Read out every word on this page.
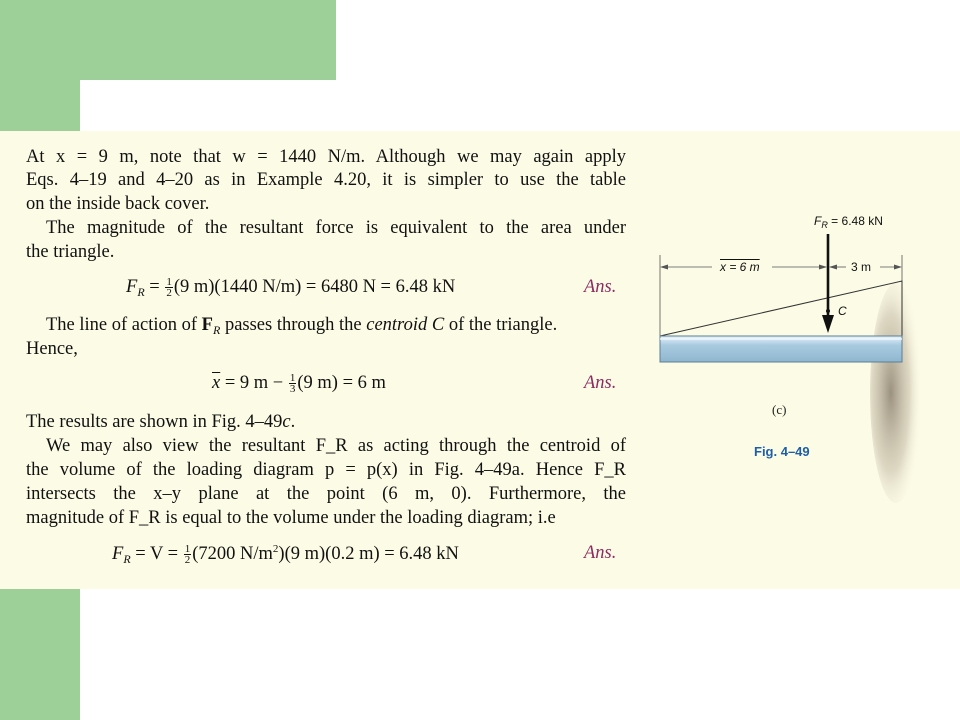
At x = 9 m, note that w = 1440 N/m. Although we may again apply
Eqs. 4–19 and 4–20 as in Example 4.20, it is simpler to use the table
on the inside back cover.
The magnitude of the resultant force is equivalent to the area under
the triangle.
$F_R = \frac{1}{2} (9$ m)(1440 N/m) = 6480 N = 6.48 kN	Ans.
The line of action of $F_R$ passes through the centroid C of the triangle.
Hence,
$\overline{x} = 9$ $m - \frac{1}{3} (9$ m) = 6 m	Ans.
The results are shown in Fig. 4–49c.
We may also view the resultant F_R as acting through the centroid of
the volume of the loading diagram p = p(x) in Fig. 4–49a. Hence F_R
intersects the x–y plane at the point (6 m, 0). Furthermore, the
magnitude of F_R is equal to the volume under the loading diagram; i.e
$F_R = V = \frac{1}{2} (7200$ $N/m^2)(9$ m)(0.2 m) = 6.48 kN	Ans.
$F_R = 6.48$ kN
x = 6 m	3 m
C
(c)
Fig. 4–49
